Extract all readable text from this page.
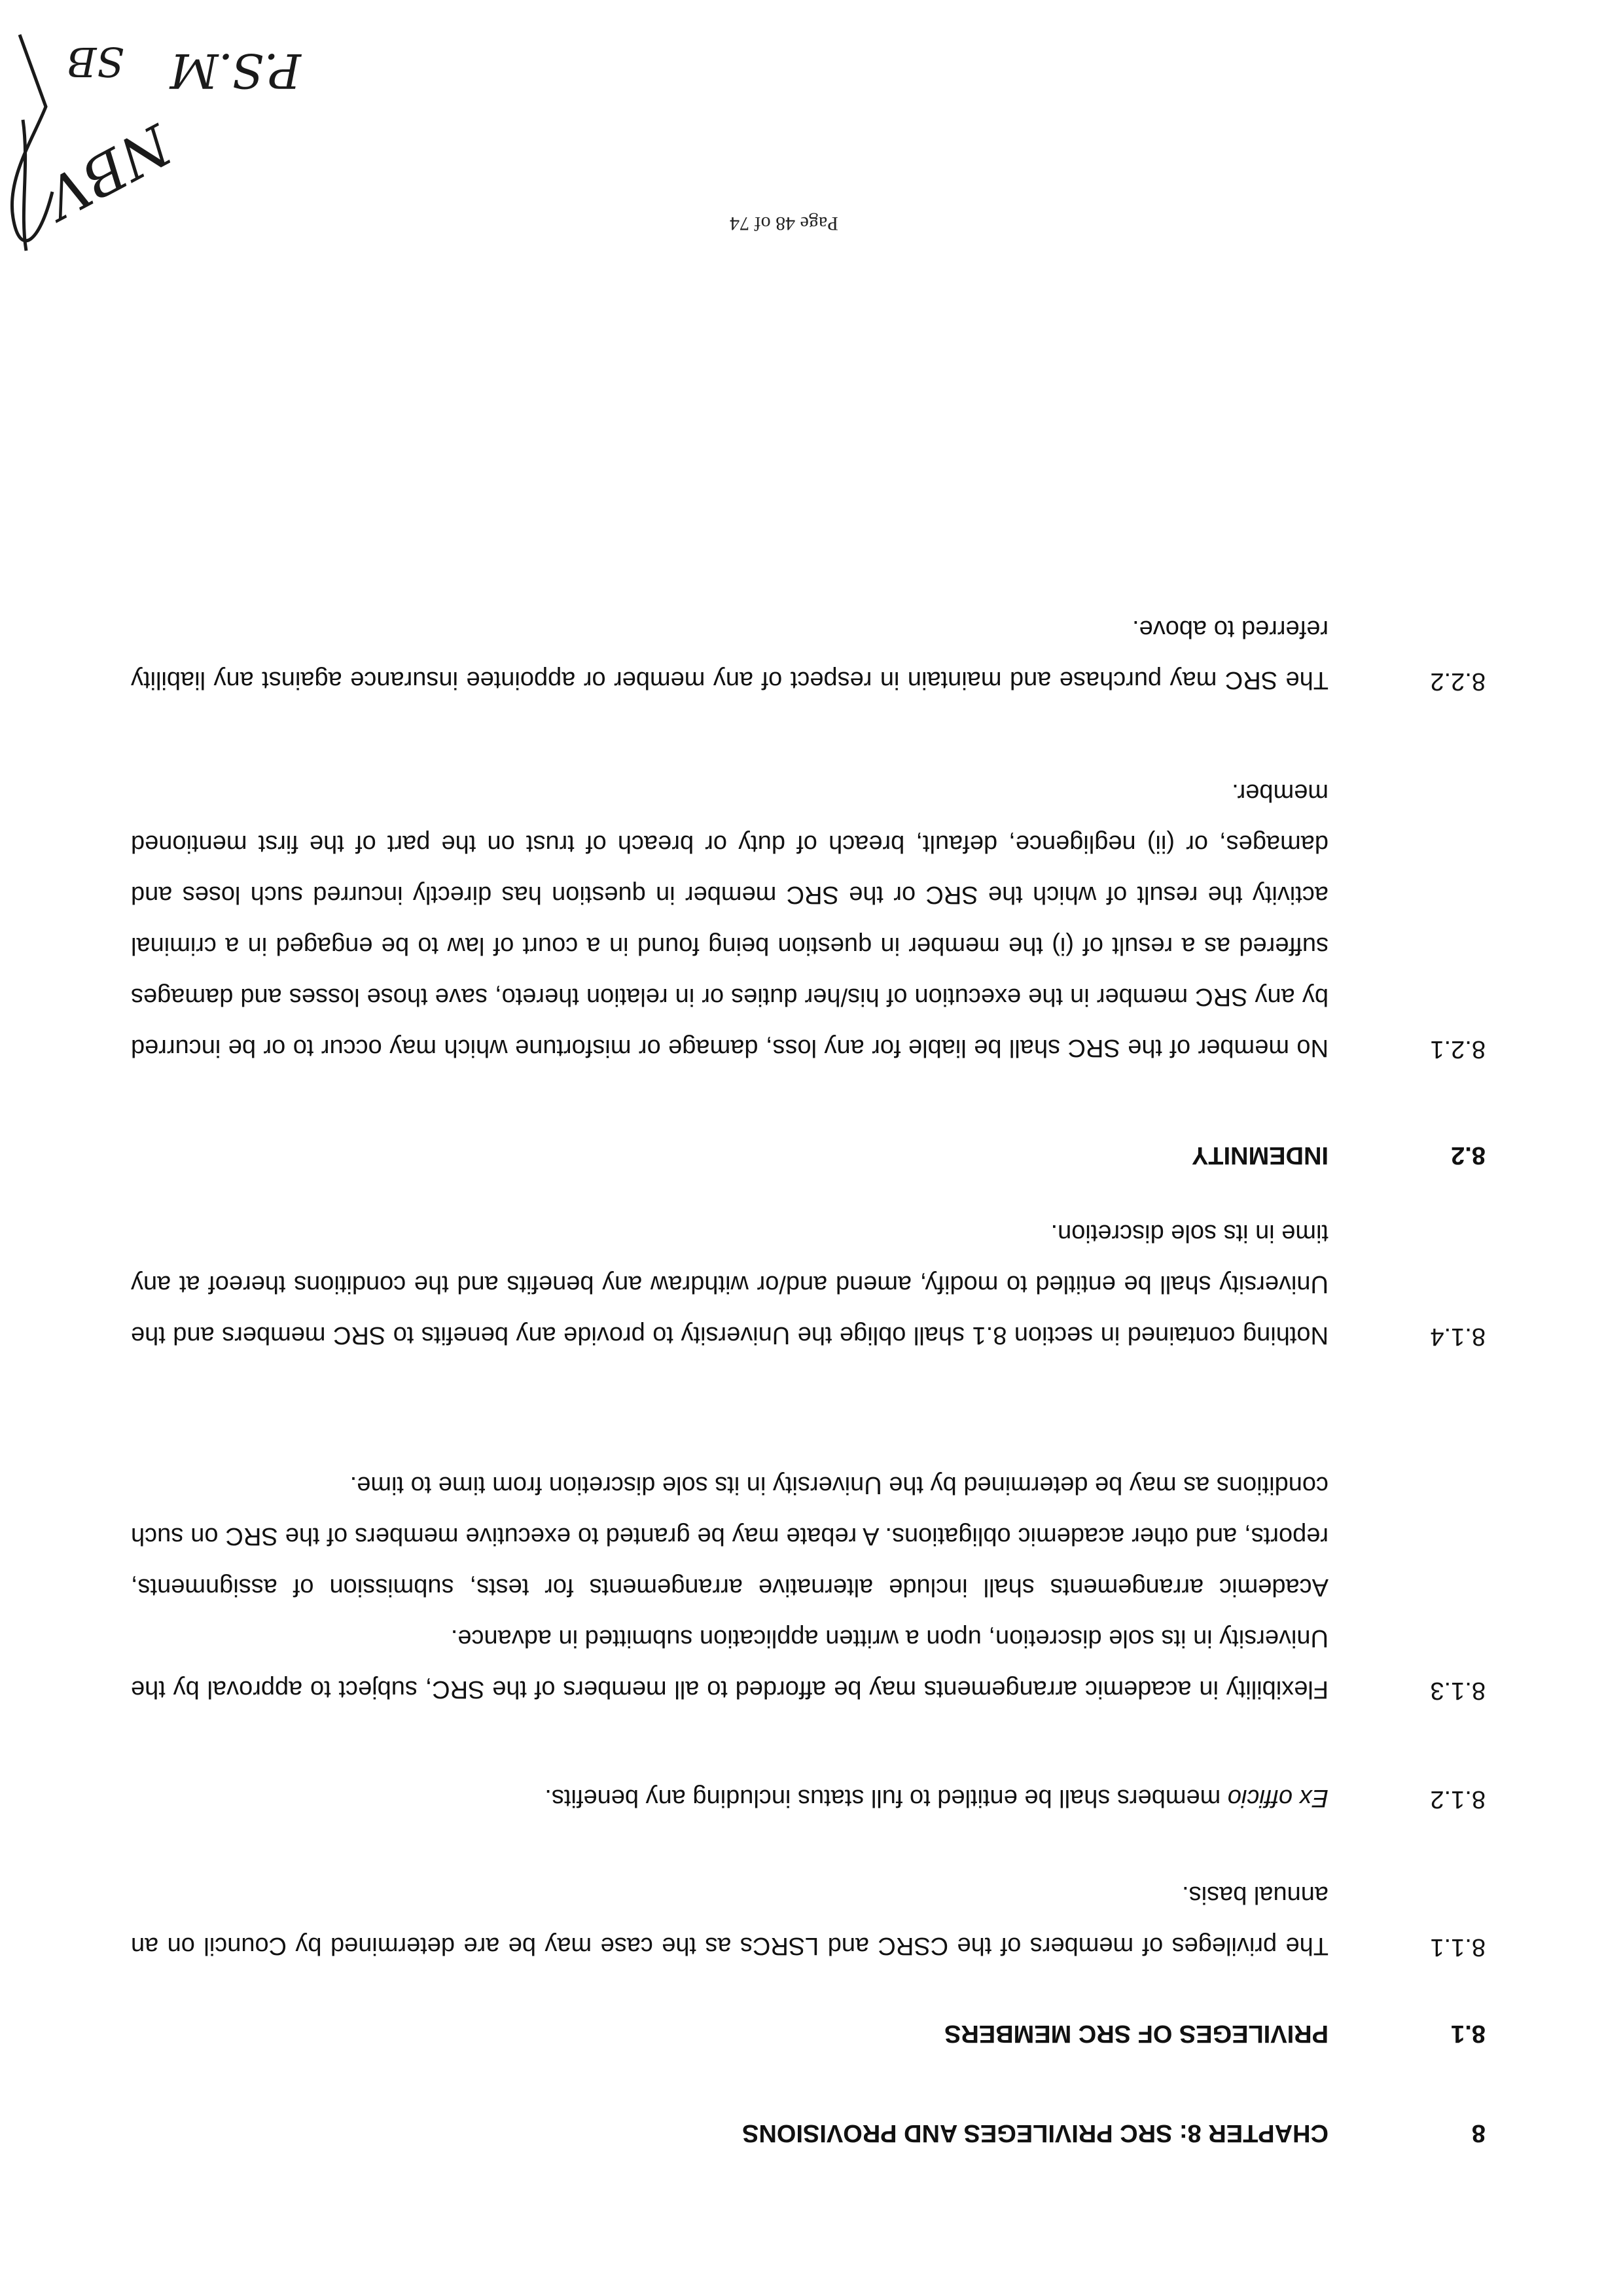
P.S.M
NBV
SB
Page 48 of 74
8
CHAPTER 8: SRC PRIVILEGES AND PROVISIONS
8.1
PRIVILEGES OF SRC MEMBERS
8.1.1
The privileges of members of the CSRC and LSRCs as the case may be are determined by Council on an annual basis.
8.1.2
Ex officio members shall be entitled to full status including any benefits.
8.1.3
Flexibility in academic arrangements may be afforded to all members of the SRC, subject to approval by the University in its sole discretion, upon a written application submitted in advance.
Academic arrangements shall include alternative arrangements for tests, submission of assignments, reports, and other academic obligations. A rebate may be granted to executive members of the SRC on such conditions as may be determined by the University in its sole discretion from time to time.
8.1.4
Nothing contained in section 8.1 shall oblige the University to provide any benefits to SRC members and the University shall be entitled to modify, amend and/or withdraw any benefits and the conditions thereof at any time in its sole discretion.
8.2
INDEMNITY
8.2.1
No member of the SRC shall be liable for any loss, damage or misfortune which may occur to or be incurred by any SRC member in the execution of his/her duties or in relation thereto, save those losses and damages suffered as a result of (i) the member in question being found in a court of law to be engaged in a criminal activity the result of which the SRC or the SRC member in question has directly incurred such loses and damages, or (ii) negligence, default, breach of duty or breach of trust on the part of the first mentioned member.
8.2.2
The SRC may purchase and maintain in respect of any member or appointee insurance against any liability referred to above.
